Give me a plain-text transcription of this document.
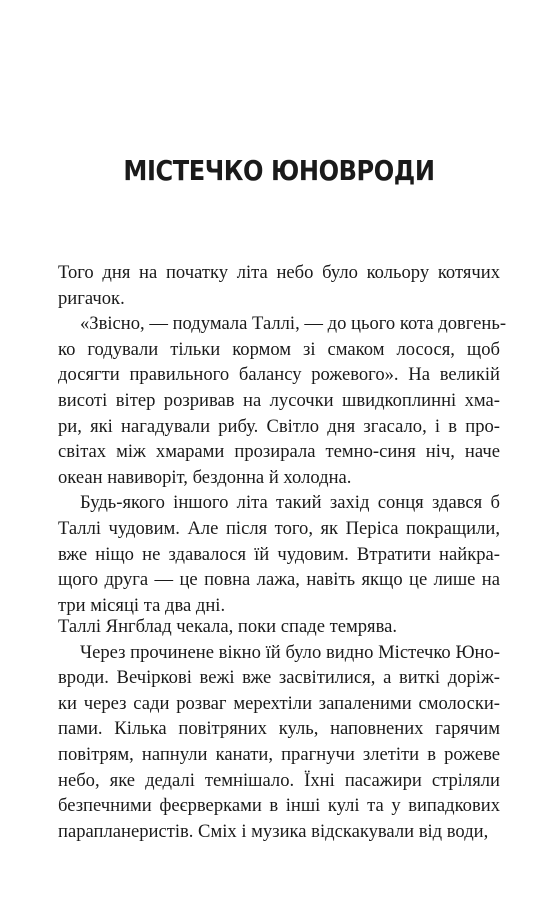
МІСТЕЧКО ЮНОВРОДИ

Того дня на початку літа небо було кольору котячих
ригачок.

«Звісно, — подумала Таллі, — до цього кота довгень-
ко годували тільки кормом зі смаком лосося, щоб
досягти правильного балансу рожевого». На великій
висоті вітер розривав на лусочки швидкоплинні хма-
ри, які нагадували рибу. Світло дня згасало, і в про-
світах між хмарами прозирала темно-синя ніч, наче
океан навиворіт, бездонна й холодна.

Будь-якого іншого літа такий захід сонця здався б
Таллі чудовим. Але після того, як Періса покращили,
вже ніщо не здавалося їй чудовим. Втратити найкра-
щого друга — це повна лажа, навіть якщо це лише на
три місяці та два дні.

Таллі Янгблад чекала, поки спаде темрява.

Через прочинене вікно їй було видно Містечко Юно-
вроди. Вечіркові вежі вже засвітилися, а виткі доріж-
ки через сади розваг мерехтіли запаленими смолоски-
пами. Кілька повітряних куль, наповнених гарячим
повітрям, напнули канати, прагнучи злетіти в рожеве
небо, яке дедалі темнішало. Їхні пасажири стріляли
безпечними феєрверками в інші кулі та у випадкових
парапланеристів. Сміх і музика відскакували від води,
